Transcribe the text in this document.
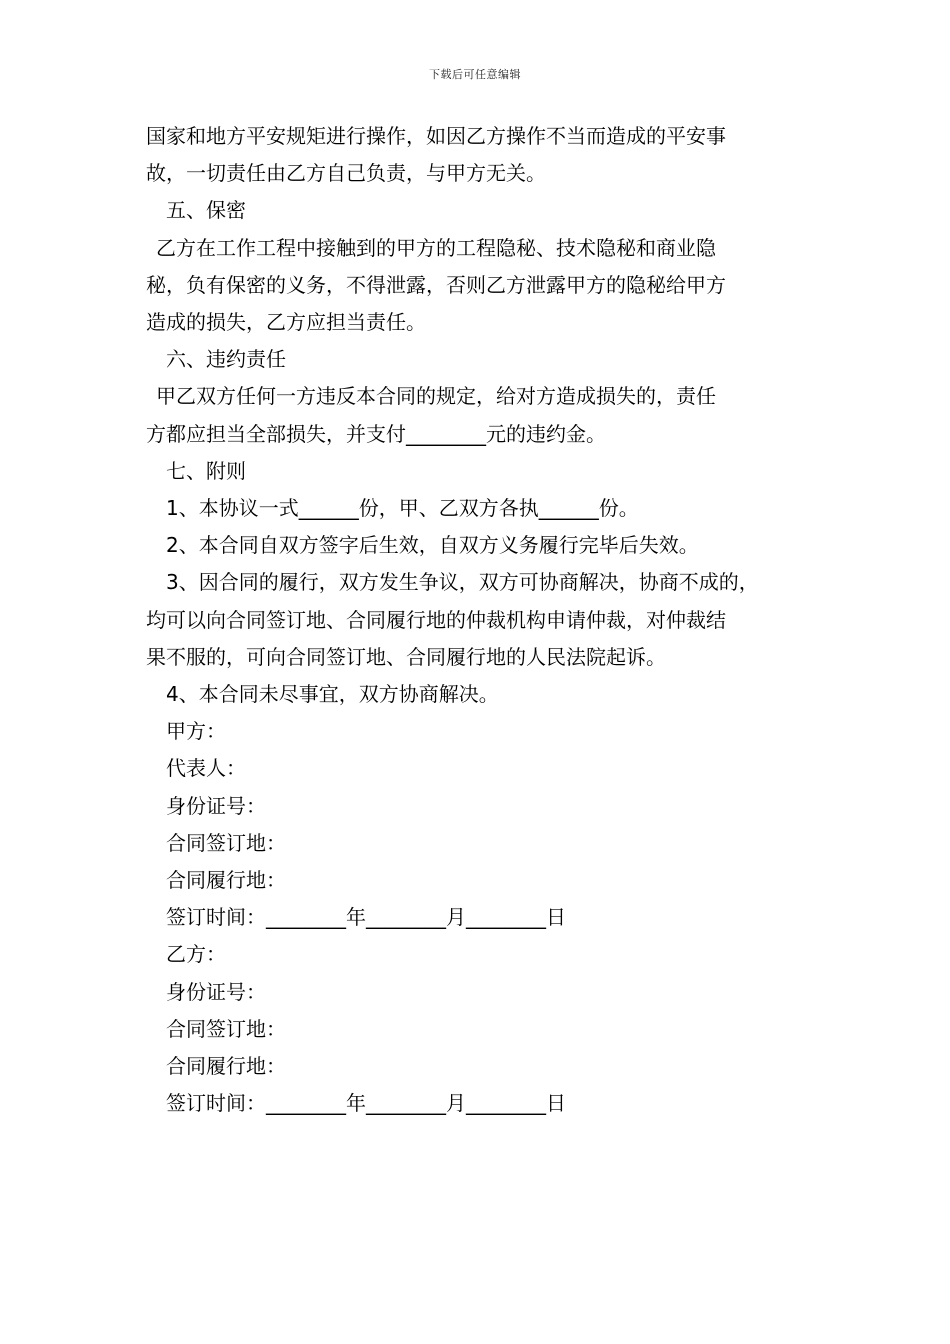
下载后可任意编辑

国家和地方平安规矩进行操作，如因乙方操作不当而造成的平安事

故，一切责任由乙方自己负责，与甲方无关。

五、保密

乙方在工作工程中接触到的甲方的工程隐秘、技术隐秘和商业隐

秘，负有保密的义务，不得泄露，否则乙方泄露甲方的隐秘给甲方

造成的损失，乙方应担当责任。

六、违约责任

甲乙双方任何一方违反本合同的规定，给对方造成损失的，责任

方都应担当全部损失，并支付________元的违约金。

七、附则

1、本协议一式______份，甲、乙双方各执______份。

2、本合同自双方签字后生效，自双方义务履行完毕后失效。

3、因合同的履行，双方发生争议，双方可协商解决，协商不成的，

均可以向合同签订地、合同履行地的仲裁机构申请仲裁，对仲裁结

果不服的，可向合同签订地、合同履行地的人民法院起诉。

4、本合同未尽事宜，双方协商解决。

甲方：

代表人：

身份证号：

合同签订地：

合同履行地：

签订时间：________年________月________日

乙方：

身份证号：

合同签订地：

合同履行地：

签订时间：________年________月________日
